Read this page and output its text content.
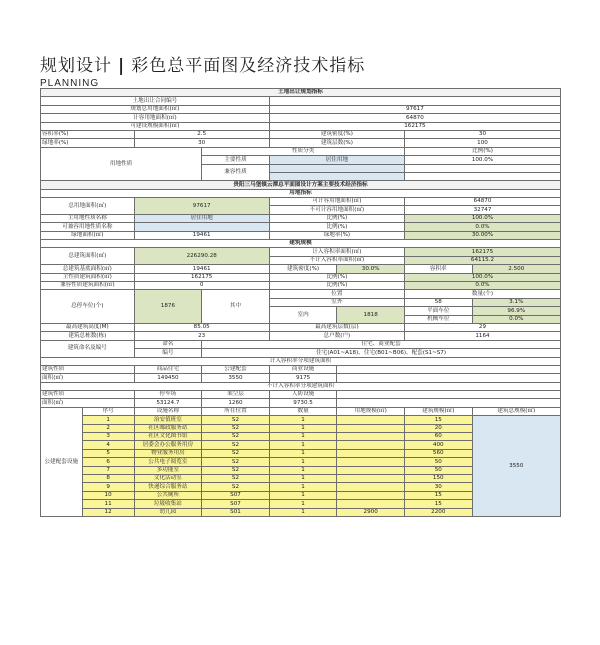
规划设计 | 彩色总平面图及经济技术指标
PLANNING
土地出让规划指标							
土地出让合同编号							
规划总用地面积(㎡)				97617			
计容用地面积(㎡)				64870			
可建设规模面积(㎡)				162175			
容积率(%)		2.5		建筑密度(%)		30	
绿地率(%)		30		建筑层数(%)		100	
用地性质			性质分类			比例(%)	
			主要性质	居住用地		100.0%	
			兼容性质				

贵阳三马堡镇云潭总平面图设计方案主要技术经济指标							
用地指标							
总用地面积(㎡)		97617		可计容用地面积(㎡)		64870	
				不可计容用地面积(㎡)		32747	
主用地性质名称		居住用地		比例(%)		100.0%	
可兼容用地性质名称				比例(%)		0.0%	
绿地面积(㎡)		19461		绿地率(%)		30.00%	
建筑规模							
总建筑面积(㎡)		226290.28		计入容积率面积(㎡)		162175	
				不计入容积率面积(㎡)		64115.2	
总建筑基底面积(㎡)		19461		建筑密度(%)	30.0%	容积率	2.500
主性质建筑面积(㎡)		162175		比例(%)		100.0%	
兼容性质建筑面积(㎡)		0		比例(%)		0.0%	
总停车位(个)		1876	其中	位置		数量(个)	
				室外		58	3.1%
				室内	1818	平面车位	96.9%
						机械车位	0.0%
最高建筑高度(M)		85.05		最高建筑层数(层)		29	
建筑总栋数(栋)		23		总户数(户)		1164	
建筑命名及编号		命名	住宅、商业配套				
		编号	住宅(A01~A18)、住宅(B01~B06)、配套(S1~S7)				
计入容积率分项建筑面积							
建筑性质		商品住宅	公建配套	商业设施			
面积(㎡)		149450	3550	9175			
不计入容积率分项建筑面积							
建筑性质		停车场	架空层	人防设施			
面积(㎡)		53124.7	1260	9730.5			
公建配套设施	序号	设施名称	所在位置	数量	用地规模(㎡)	建筑规模(㎡)	建筑总规模(㎡)
	1	治安值班室	S2	1		15	3550
	2	社区邮政服务站	S2	1		20	
	3	社区文化图书馆	S2	1		60	
	4	居委会办公服务用房	S2	1		400	
	5	物业服务用房	S2	1		560	
	6	公共电子阅览室	S2	1		50	
	7	多功能室	S2	1		50	
	8	文化活动室	S2	1		150	
	9	快递综合服务站	S2	1		30	
	10	公共厕所	S07	1		15	
	11	垃圾收集站	S07	1		15	
	12	幼儿园	S01	1	2900	2200	
